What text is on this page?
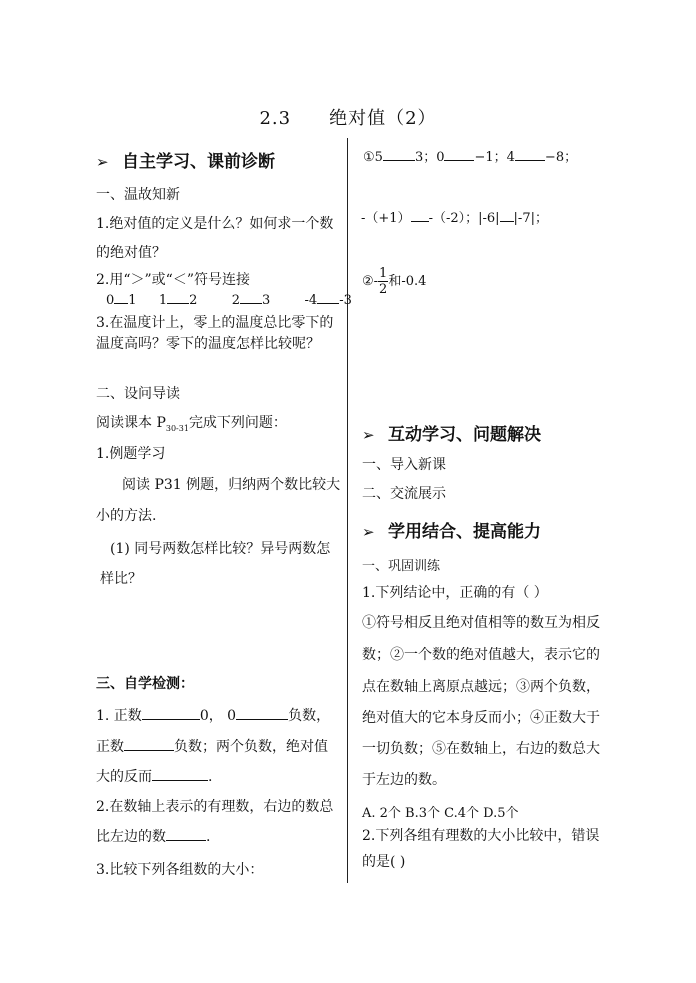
2.3 绝对值（2）
➢ 自主学习、课前诊断
一、温故知新
1.绝对值的定义是什么？如何求一个数
的绝对值？
2.用“＞”或“＜”符号连接
0 1 1 2	2 3	-4 -3
3.在温度计上，零上的温度总比零下的
温度高吗？零下的温度怎样比较呢？
二、设问导读
阅读课本 $P_{30-31}$完成下列问题：
1.例题学习
阅读 P31 例题，归纳两个数比较大
小的方法.
(1) 同号两数怎样比较？异号两数怎
样比？
三、自学检测：
1. 正数	0， 0	负数，
正数	负数；两个负数，绝对值
大的反而	.
2.在数轴上表示的有理数，右边的数总
比左边的数	.
3.比较下列各组数的大小：
①5 3；0 −1；4 −8；
-（+1） -（-2）；|-6| |-7|；
②- $\frac{1}{2}$ 和-0.4
➢ 互动学习、问题解决
一、导入新课
二、交流展示
➢ 学用结合、提高能力
一、巩固训练
1.下列结论中，正确的有（ ）
①符号相反且绝对值相等的数互为相反
数；②一个数的绝对值越大，表示它的
点在数轴上离原点越远；③两个负数，
绝对值大的它本身反而小；④正数大于
一切负数；⑤在数轴上，右边的数总大
于左边的数。
A. 2个 B.3个 C.4个 D.5个
2.下列各组有理数的大小比较中，错误
的是( )
